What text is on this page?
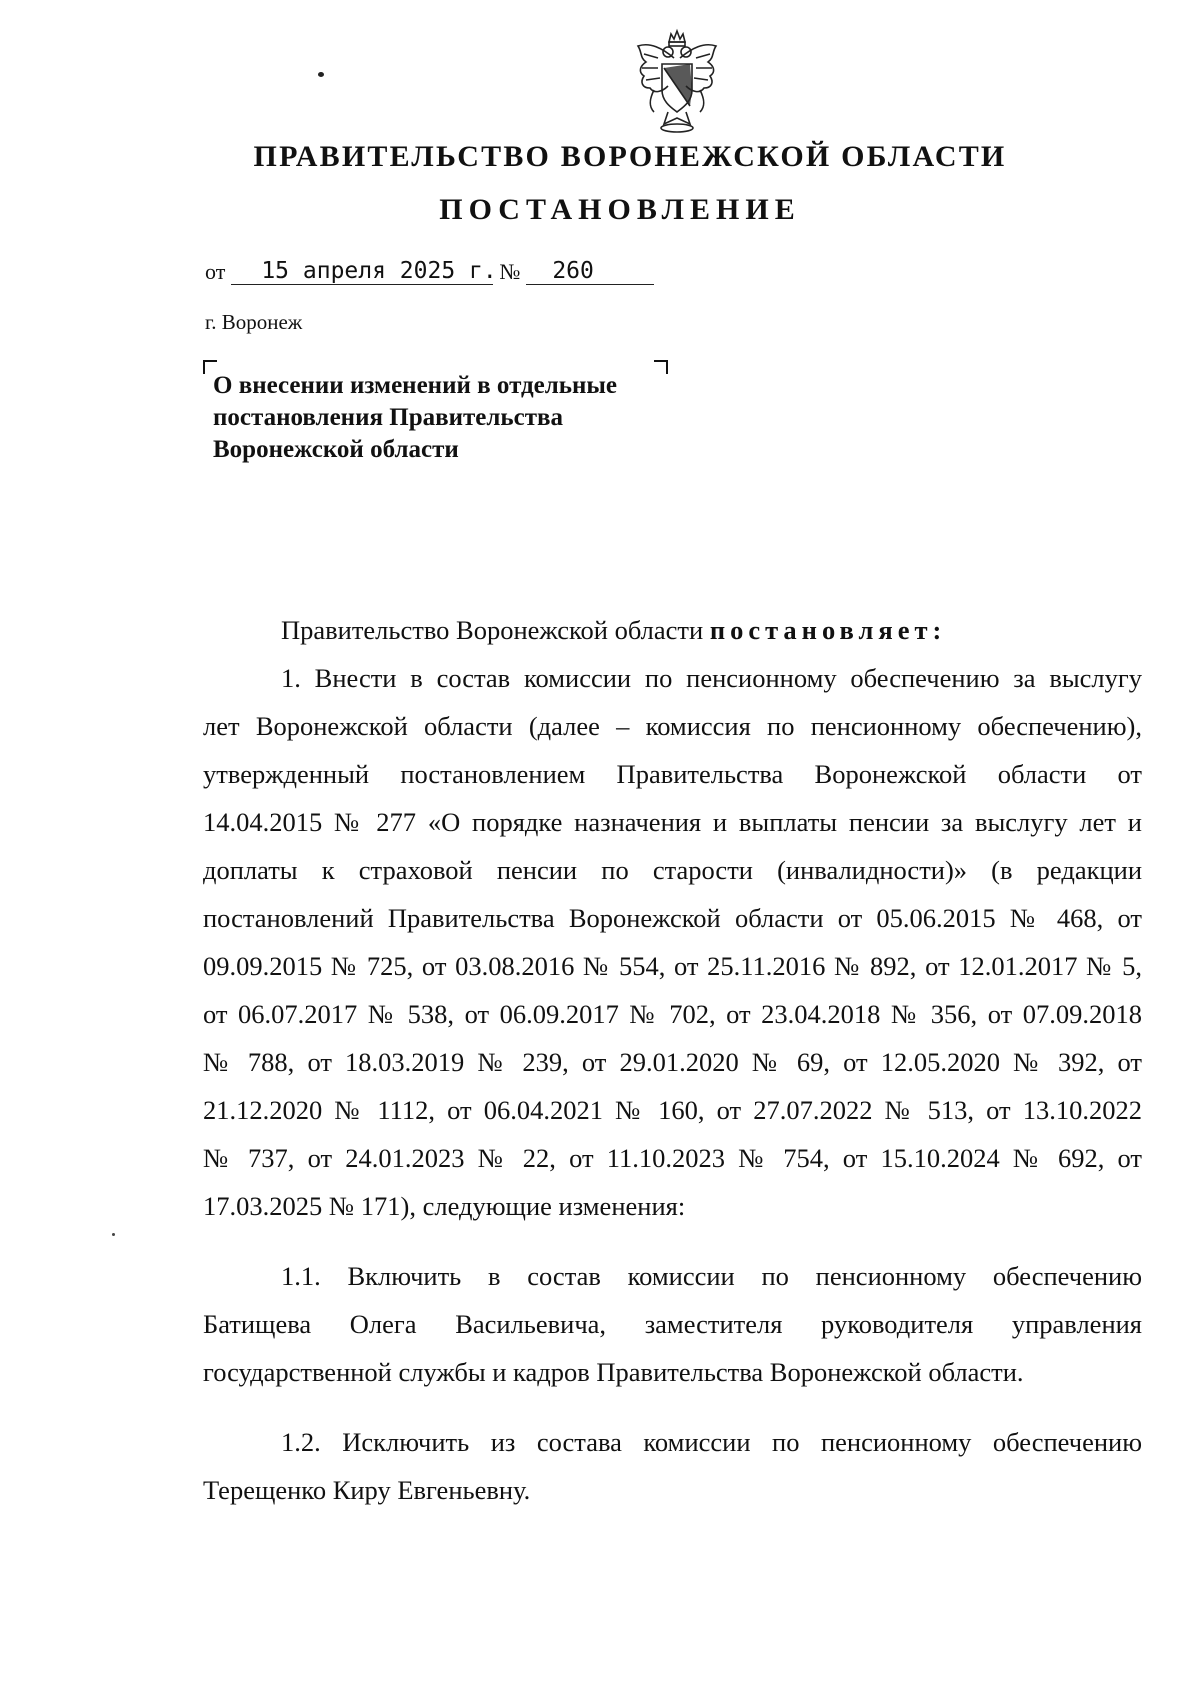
ПРАВИТЕЛЬСТВО ВОРОНЕЖСКОЙ ОБЛАСТИ
ПОСТАНОВЛЕНИЕ
от	15 апреля 2025 г. №	260
г. Воронеж
О внесении изменений в отдельные
постановления Правительства
Воронежской области

Правительство Воронежской области постановляет:

1. Внести в состав комиссии по пенсионному обеспечению за выслугу

лет Воронежской области (далее – комиссия по пенсионному обеспечению),

утвержденный постановлением Правительства Воронежской области от

14.04.2015 № 277 «О порядке назначения и выплаты пенсии за выслугу лет и

доплаты к страховой пенсии по старости (инвалидности)» (в редакции

постановлений Правительства Воронежской области от 05.06.2015 № 468, от

09.09.2015 № 725, от 03.08.2016 № 554, от 25.11.2016 № 892, от 12.01.2017 № 5,

от 06.07.2017 № 538, от 06.09.2017 № 702, от 23.04.2018 № 356, от 07.09.2018

№ 788, от 18.03.2019 № 239, от 29.01.2020 № 69, от 12.05.2020 № 392, от

21.12.2020 № 1112, от 06.04.2021 № 160, от 27.07.2022 № 513, от 13.10.2022

№ 737, от 24.01.2023 № 22, от 11.10.2023 № 754, от 15.10.2024 № 692, от

17.03.2025 № 171), следующие изменения:

1.1. Включить в состав комиссии по пенсионному обеспечению

Батищева Олега Васильевича, заместителя руководителя управления

государственной службы и кадров Правительства Воронежской области.

1.2. Исключить из состава комиссии по пенсионному обеспечению

Терещенко Киру Евгеньевну.
